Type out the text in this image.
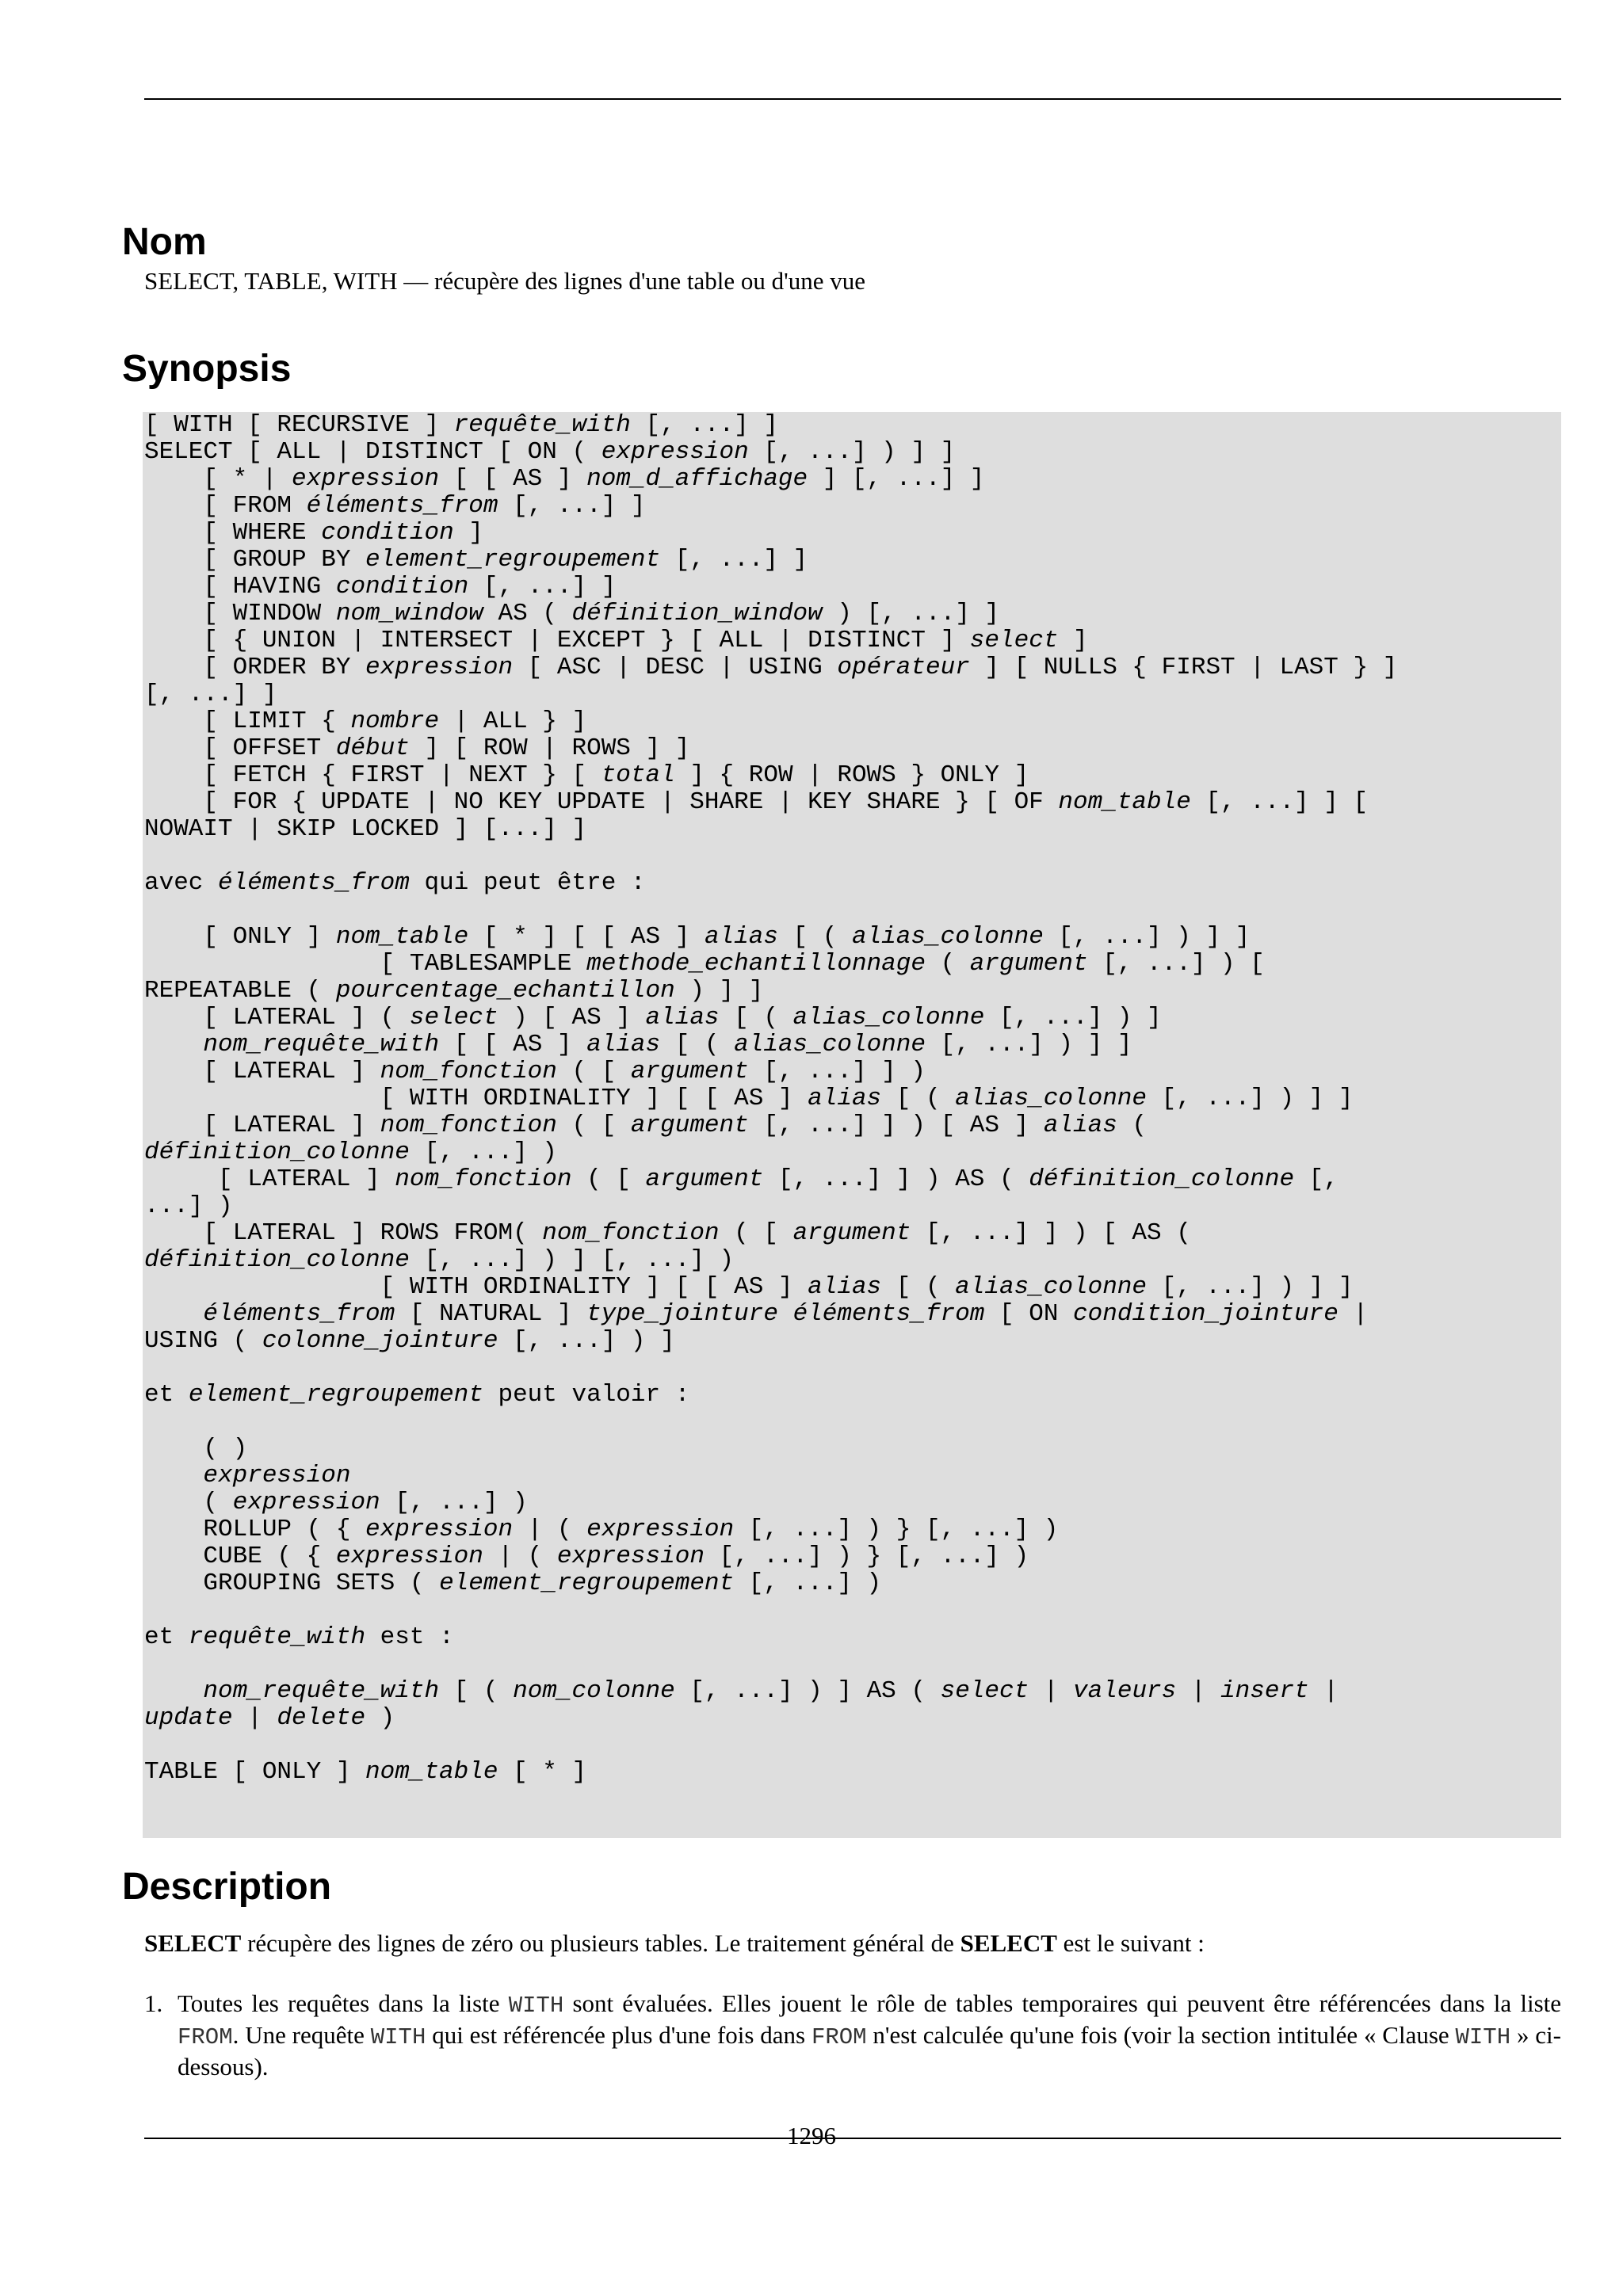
Nom

SELECT, TABLE, WITH — récupère des lignes d'une table ou d'une vue

Synopsis
[ WITH [ RECURSIVE ] requête_with [, ...] ]
SELECT [ ALL | DISTINCT [ ON ( expression [, ...] ) ] ]
[ * | expression [ [ AS ] nom_d_affichage ] [, ...] ]
[ FROM éléments_from [, ...] ]
[ WHERE condition ]
[ GROUP BY element_regroupement [, ...] ]
[ HAVING condition [, ...] ]
[ WINDOW nom_window AS ( définition_window ) [, ...] ]
[ { UNION | INTERSECT | EXCEPT } [ ALL | DISTINCT ] select ]
[ ORDER BY expression [ ASC | DESC | USING opérateur ] [ NULLS { FIRST | LAST } ]
[, ...] ]
[ LIMIT { nombre | ALL } ]
[ OFFSET début ] [ ROW | ROWS ] ]
[ FETCH { FIRST | NEXT } [ total ] { ROW | ROWS } ONLY ]
[ FOR { UPDATE | NO KEY UPDATE | SHARE | KEY SHARE } [ OF nom_table [, ...] ] [
NOWAIT | SKIP LOCKED ] [...] ]

avec éléments_from qui peut être :

[ ONLY ] nom_table [ * ] [ [ AS ] alias [ ( alias_colonne [, ...] ) ] ]
[ TABLESAMPLE methode_echantillonnage ( argument [, ...] ) [
REPEATABLE ( pourcentage_echantillon ) ] ]
[ LATERAL ] ( select ) [ AS ] alias [ ( alias_colonne [, ...] ) ]
nom_requête_with [ [ AS ] alias [ ( alias_colonne [, ...] ) ] ]
[ LATERAL ] nom_fonction ( [ argument [, ...] ] )
[ WITH ORDINALITY ] [ [ AS ] alias [ ( alias_colonne [, ...] ) ] ]
[ LATERAL ] nom_fonction ( [ argument [, ...] ] ) [ AS ] alias (
définition_colonne [, ...] )
[ LATERAL ] nom_fonction ( [ argument [, ...] ] ) AS ( définition_colonne [,
...] )
[ LATERAL ] ROWS FROM( nom_fonction ( [ argument [, ...] ] ) [ AS (
définition_colonne [, ...] ) ] [, ...] )
[ WITH ORDINALITY ] [ [ AS ] alias [ ( alias_colonne [, ...] ) ] ]
éléments_from [ NATURAL ] type_jointure éléments_from [ ON condition_jointure |
USING ( colonne_jointure [, ...] ) ]

et element_regroupement peut valoir :

( )
expression
( expression [, ...] )
ROLLUP ( { expression | ( expression [, ...] ) } [, ...] )
CUBE ( { expression | ( expression [, ...] ) } [, ...] )
GROUPING SETS ( element_regroupement [, ...] )

et requête_with est :

nom_requête_with [ ( nom_colonne [, ...] ) ] AS ( select | valeurs | insert |
update | delete )

TABLE [ ONLY ] nom_table [ * ]
Description

SELECT récupère des lignes de zéro ou plusieurs tables. Le traitement général de SELECT est le suivant :

1. Toutes les requêtes dans la liste WITH sont évaluées. Elles jouent le rôle de tables temporaires qui peuvent être référencées dans la liste FROM. Une requête WITH qui est référencée plus d'une fois dans FROM n'est calculée qu'une fois (voir la section intitulée « Clause WITH » ci-dessous).
1296
